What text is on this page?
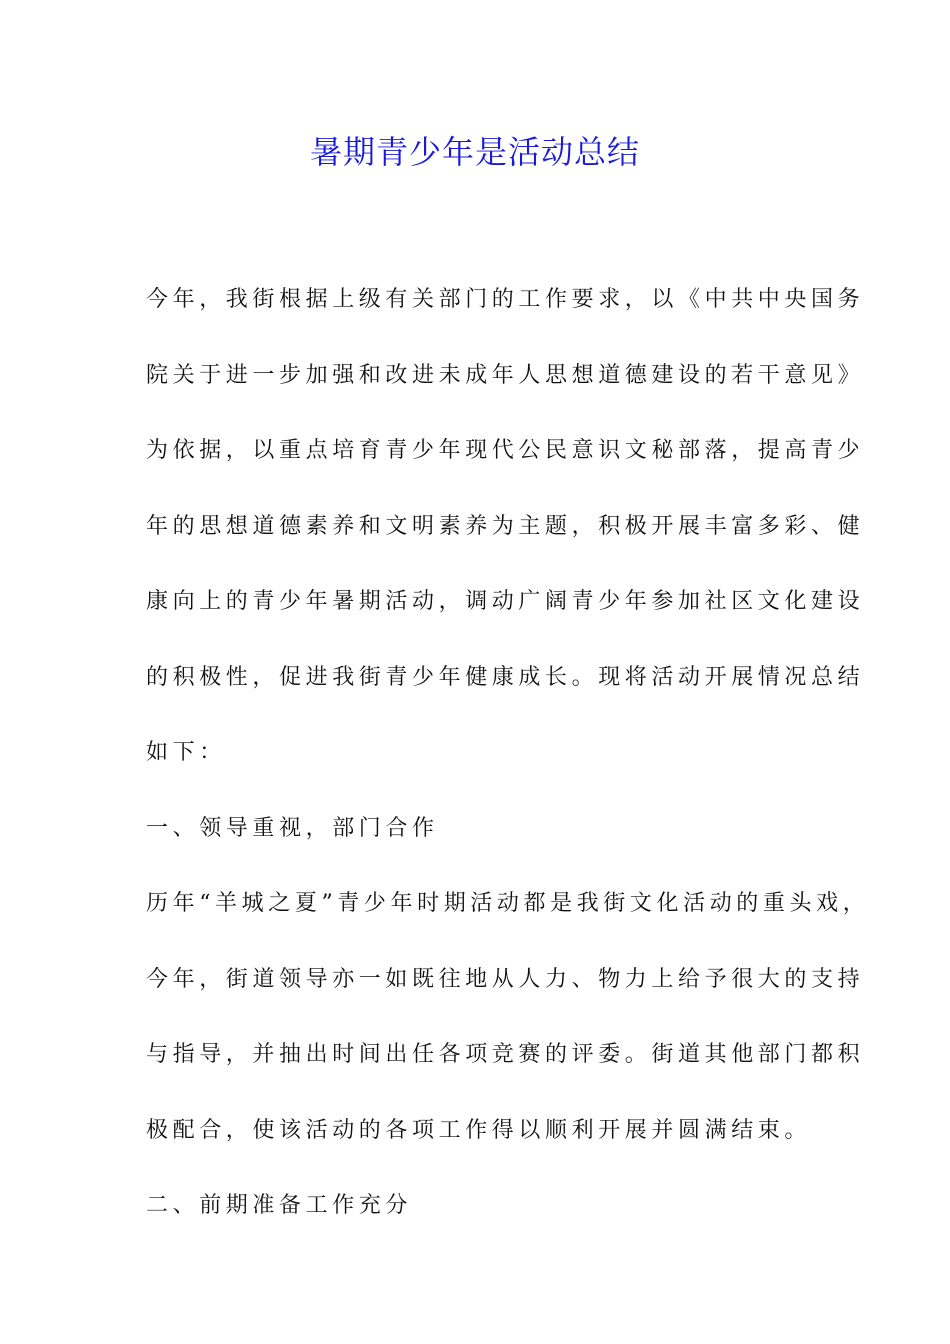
暑期青少年是活动总结
今年，我街根据上级有关部门的工作要求，以《中共中央国务
院关于进一步加强和改进未成年人思想道德建设的若干意见》
为依据，以重点培育青少年现代公民意识文秘部落，提高青少
年的思想道德素养和文明素养为主题，积极开展丰富多彩、健
康向上的青少年暑期活动，调动广阔青少年参加社区文化建设
的积极性，促进我街青少年健康成长。现将活动开展情况总结
如下：
一、领导重视，部门合作
历年“羊城之夏”青少年时期活动都是我街文化活动的重头戏，
今年，街道领导亦一如既往地从人力、物力上给予很大的支持
与指导，并抽出时间出任各项竞赛的评委。街道其他部门都积
极配合，使该活动的各项工作得以顺利开展并圆满结束。
二、前期准备工作充分
